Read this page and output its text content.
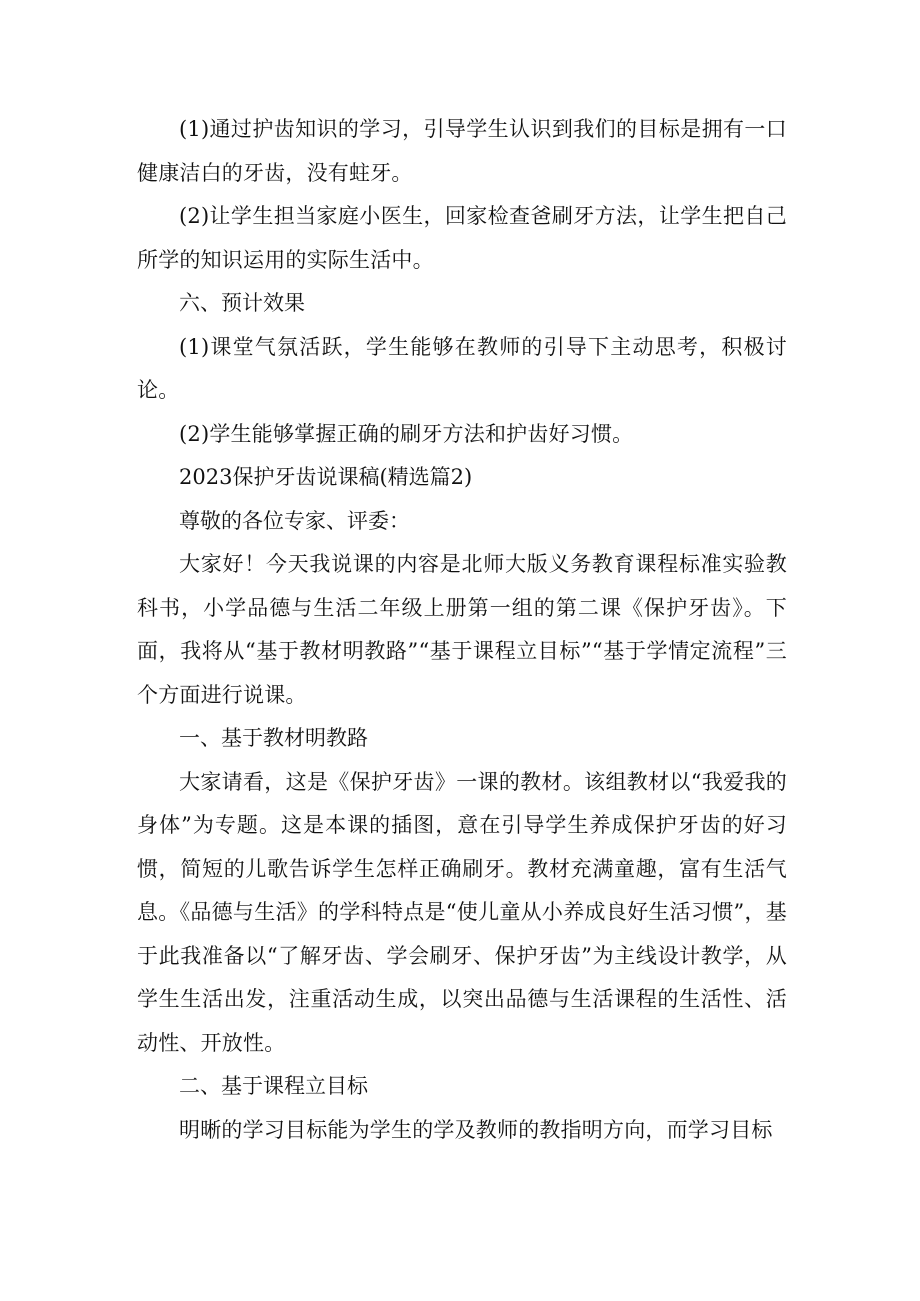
(1)通过护齿知识的学习，引导学生认识到我们的目标是拥有一口健康洁白的牙齿，没有蛀牙。

(2)让学生担当家庭小医生，回家检查爸刷牙方法，让学生把自己所学的知识运用的实际生活中。

六、预计效果

(1)课堂气氛活跃，学生能够在教师的引导下主动思考，积极讨论。

(2)学生能够掌握正确的刷牙方法和护齿好习惯。

2023保护牙齿说课稿(精选篇2)

尊敬的各位专家、评委：

大家好！今天我说课的内容是北师大版义务教育课程标准实验教科书，小学品德与生活二年级上册第一组的第二课《保护牙齿》。下面，我将从“基于教材明教路”“基于课程立目标”“基于学情定流程”三个方面进行说课。

一、基于教材明教路

大家请看，这是《保护牙齿》一课的教材。该组教材以“我爱我的身体”为专题。这是本课的插图，意在引导学生养成保护牙齿的好习惯，简短的儿歌告诉学生怎样正确刷牙。教材充满童趣，富有生活气息。《品德与生活》的学科特点是“使儿童从小养成良好生活习惯”，基于此我准备以“了解牙齿、学会刷牙、保护牙齿”为主线设计教学，从学生生活出发，注重活动生成，以突出品德与生活课程的生活性、活动性、开放性。

二、基于课程立目标

明晰的学习目标能为学生的学及教师的教指明方向，而学习目标
